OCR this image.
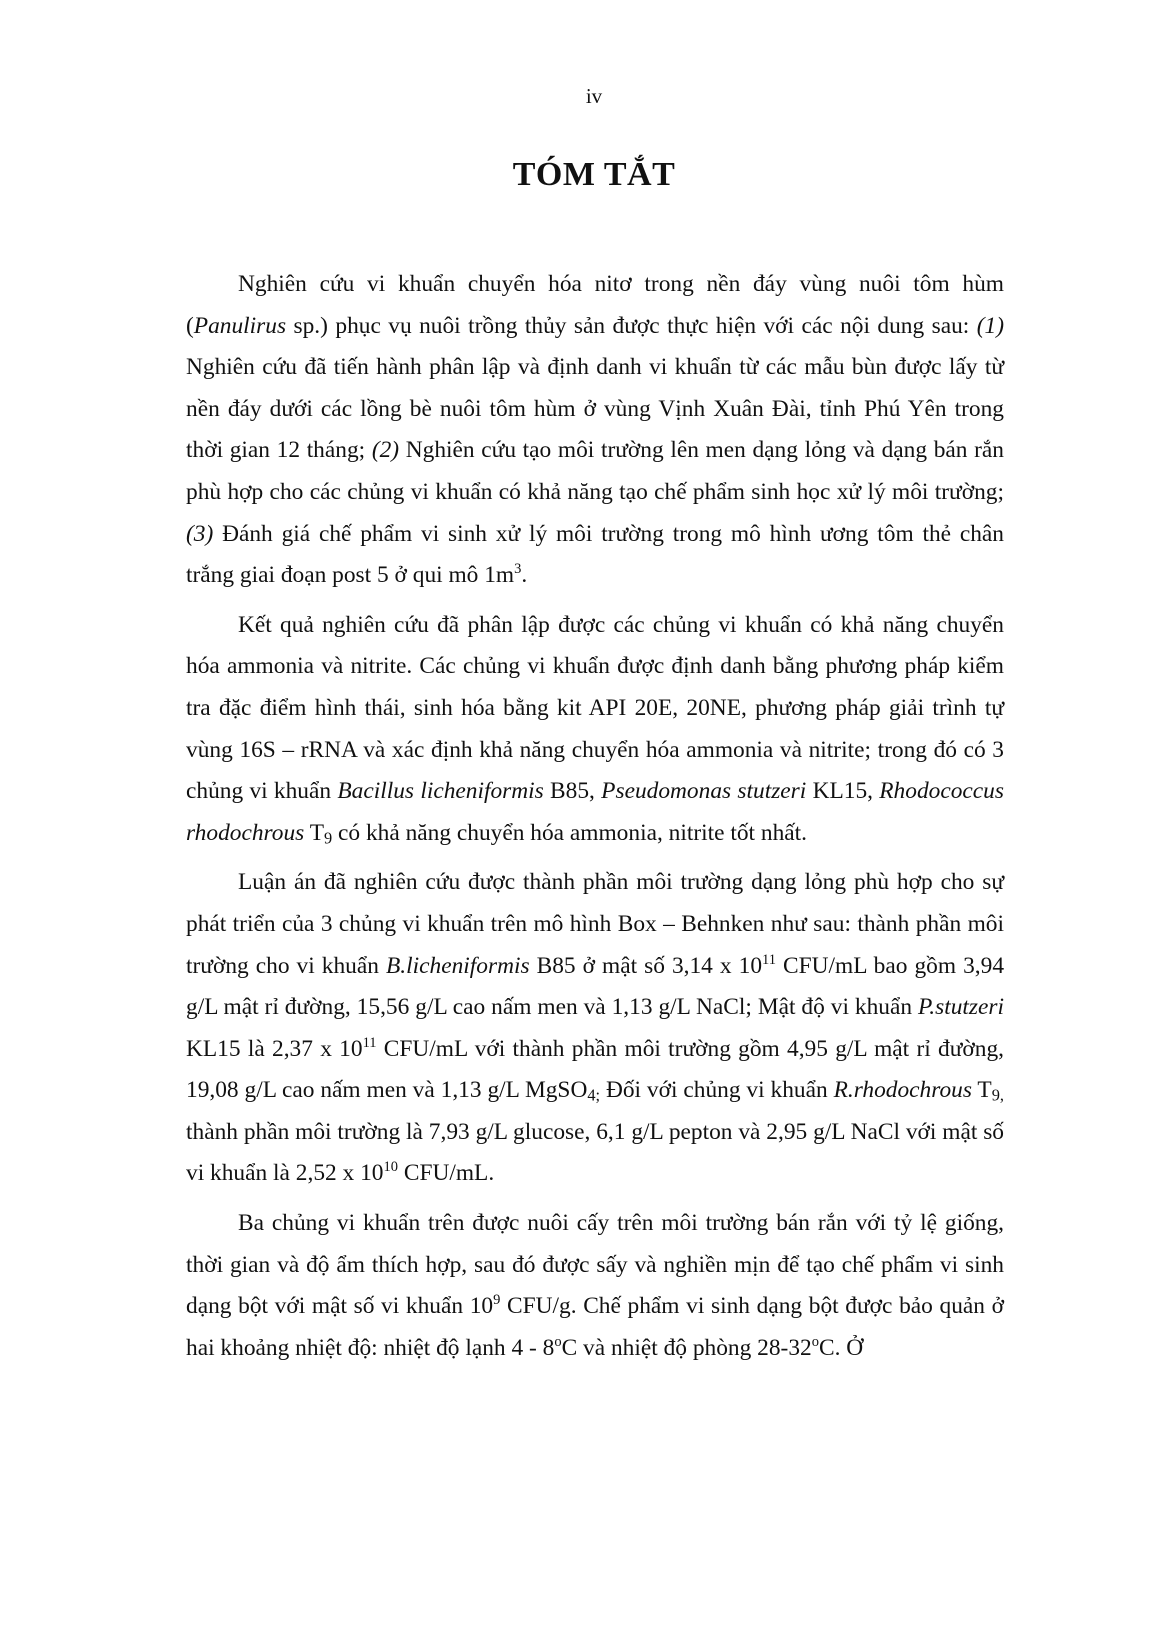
iv
TÓM TẮT

Nghiên cứu vi khuẩn chuyển hóa nitơ trong nền đáy vùng nuôi tôm hùm (Panulirus sp.) phục vụ nuôi trồng thủy sản được thực hiện với các nội dung sau: (1) Nghiên cứu đã tiến hành phân lập và định danh vi khuẩn từ các mẫu bùn được lấy từ nền đáy dưới các lồng bè nuôi tôm hùm ở vùng Vịnh Xuân Đài, tỉnh Phú Yên trong thời gian 12 tháng; (2) Nghiên cứu tạo môi trường lên men dạng lỏng và dạng bán rắn phù hợp cho các chủng vi khuẩn có khả năng tạo chế phẩm sinh học xử lý môi trường; (3) Đánh giá chế phẩm vi sinh xử lý môi trường trong mô hình ương tôm thẻ chân trắng giai đoạn post 5 ở qui mô $1m^3$.

Kết quả nghiên cứu đã phân lập được các chủng vi khuẩn có khả năng chuyển hóa ammonia và nitrite. Các chủng vi khuẩn được định danh bằng phương pháp kiểm tra đặc điểm hình thái, sinh hóa bằng kit API 20E, 20NE, phương pháp giải trình tự vùng 16S – rRNA và xác định khả năng chuyển hóa ammonia và nitrite; trong đó có 3 chủng vi khuẩn Bacillus licheniformis B85, Pseudomonas stutzeri KL15, Rhodococcus rhodochrous $T_9$ có khả năng chuyển hóa ammonia, nitrite tốt nhất.

Luận án đã nghiên cứu được thành phần môi trường dạng lỏng phù hợp cho sự phát triển của 3 chủng vi khuẩn trên mô hình Box – Behnken như sau: thành phần môi trường cho vi khuẩn B.licheniformis B85 ở mật số 3,14 x $10^{11}$ CFU/mL bao gồm 3,94 g/L mật rỉ đường, 15,56 g/L cao nấm men và 1,13 g/L NaCl; Mật độ vi khuẩn P.stutzeri KL15 là 2,37 x $10^{11}$ CFU/mL với thành phần môi trường gồm 4,95 g/L mật rỉ đường, 19,08 g/L cao nấm men và 1,13 g/L MgSO$_{4;}$ Đối với chủng vi khuẩn R.rhodochrous $T_{9,}$ thành phần môi trường là 7,93 g/L glucose, 6,1 g/L pepton và 2,95 g/L NaCl với mật số vi khuẩn là 2,52 x $10^{10}$ CFU/mL.

Ba chủng vi khuẩn trên được nuôi cấy trên môi trường bán rắn với tỷ lệ giống, thời gian và độ ẩm thích hợp, sau đó được sấy và nghiền mịn để tạo chế phẩm vi sinh dạng bột với mật số vi khuẩn $10^9$ CFU/g. Chế phẩm vi sinh dạng bột được bảo quản ở hai khoảng nhiệt độ: nhiệt độ lạnh 4 - 8$^o$C và nhiệt độ phòng 28-32$^o$C. Ở
